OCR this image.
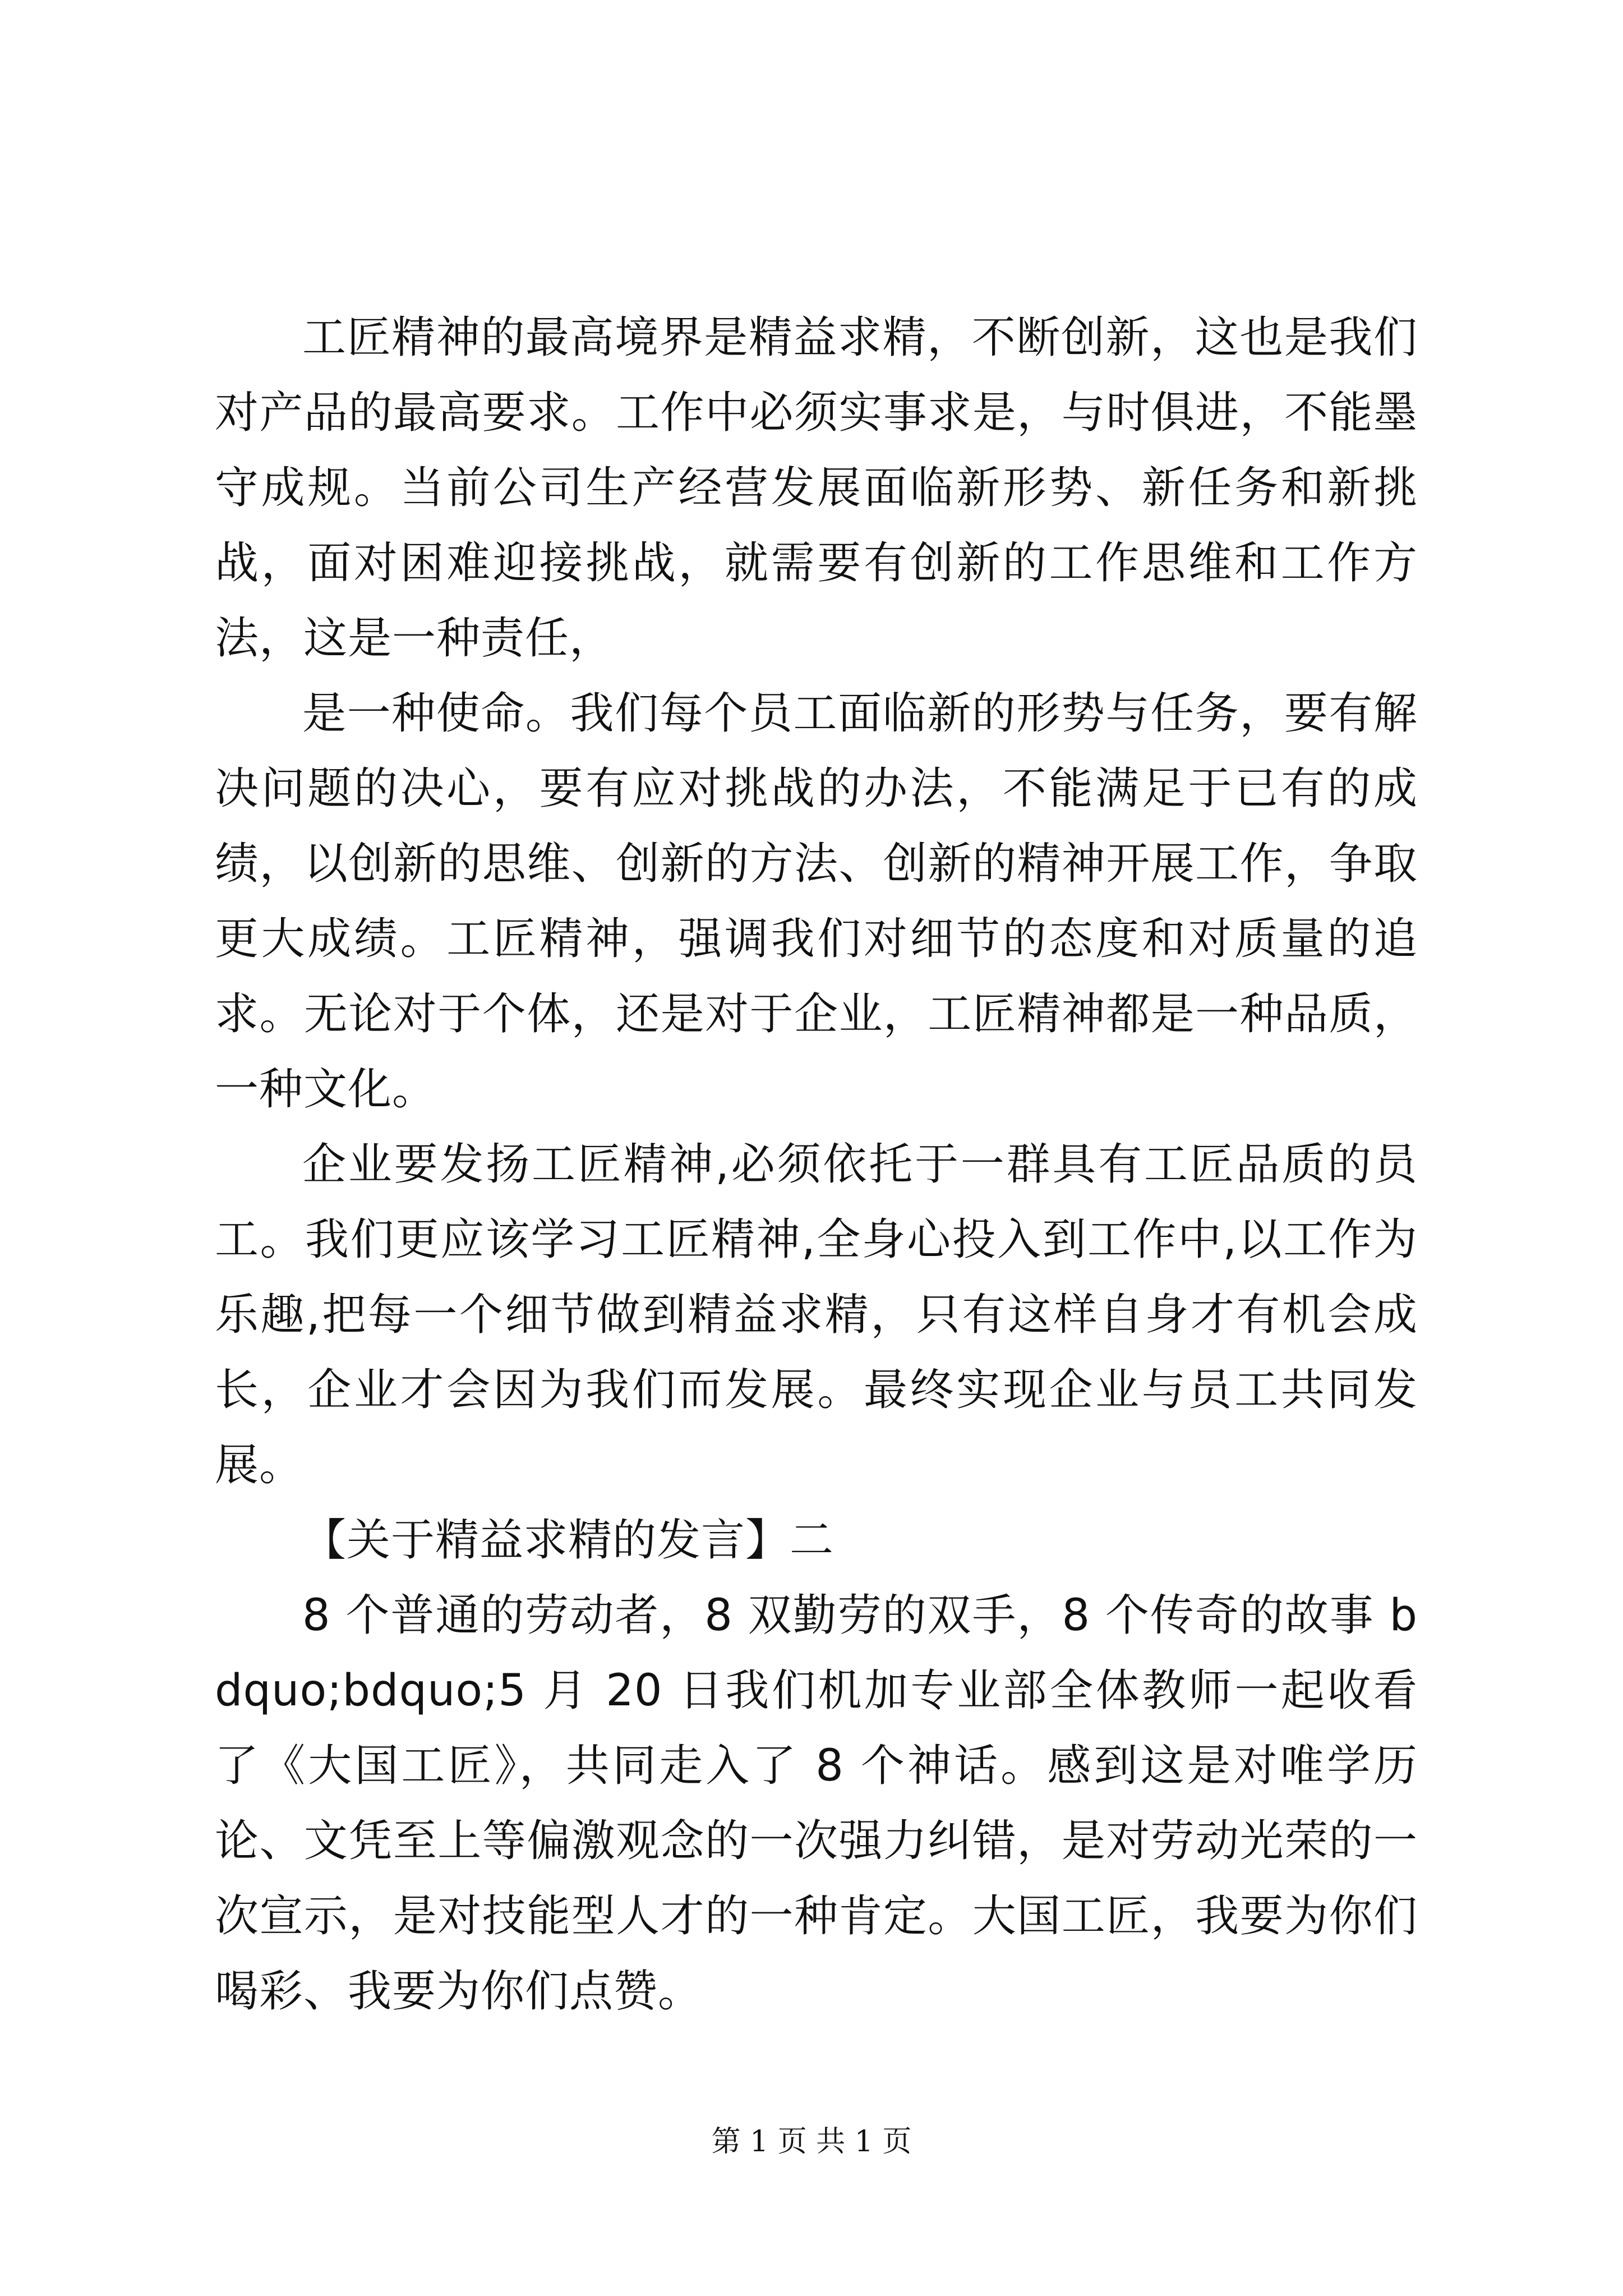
工匠精神的最高境界是精益求精，不断创新，这也是我们对产品的最高要求。工作中必须实事求是，与时俱进，不能墨守成规。当前公司生产经营发展面临新形势、新任务和新挑战，面对困难迎接挑战，就需要有创新的工作思维和工作方法，这是一种责任，

是一种使命。我们每个员工面临新的形势与任务，要有解决问题的决心，要有应对挑战的办法，不能满足于已有的成绩，以创新的思维、创新的方法、创新的精神开展工作，争取更大成绩。工匠精神，强调我们对细节的态度和对质量的追求。无论对于个体，还是对于企业，工匠精神都是一种品质，一种文化。

企业要发扬工匠精神,必须依托于一群具有工匠品质的员工。我们更应该学习工匠精神,全身心投入到工作中,以工作为乐趣,把每一个细节做到精益求精，只有这样自身才有机会成长，企业才会因为我们而发展。最终实现企业与员工共同发展。

【关于精益求精的发言】二

8 个普通的劳动者，8 双勤劳的双手，8 个传奇的故事 bdquo;bdquo;5 月 20 日我们机加专业部全体教师一起收看了《大国工匠》，共同走入了 8 个神话。感到这是对唯学历论、文凭至上等偏激观念的一次强力纠错，是对劳动光荣的一次宣示，是对技能型人才的一种肯定。大国工匠，我要为你们喝彩、我要为你们点赞。

第 1 页 共 1 页
